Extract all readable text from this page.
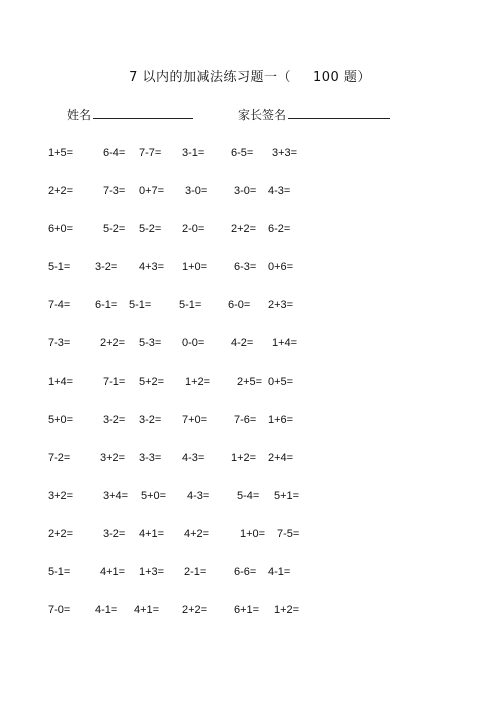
7 以内的加减法练习题一（ 100 题）
姓名	家长签名
1+5=	6-4= 7-7= 3-1= 6-5= 3+3=
2+2=	7-3= 0+7= 3-0= 3-0= 4-3=
6+0=	5-2= 5-2= 2-0= 2+2= 6-2=
5-1= 3-2= 4+3= 1+0= 6-3= 0+6=
7-4= 6-1= 5-1=	5-1= 6-0= 2+3=
7-3=	2+2= 5-3= 0-0= 4-2= 1+4=
1+4=	7-1= 5+2= 1+2= 2+5= 0+5=
5+0=	3-2= 3-2= 7+0= 7-6= 1+6=
7-2=	3+2= 3-3= 4-3= 1+2= 2+4=
3+2=	3+4= 5+0= 4-3=	5-4= 5+1=
2+2=	3-2= 4+1= 4+2=	1+0= 7-5=
5-1=	4+1= 1+3= 2-1=	6-6= 4-1=
7-0= 4-1= 4+1= 2+2= 6+1= 1+2=
